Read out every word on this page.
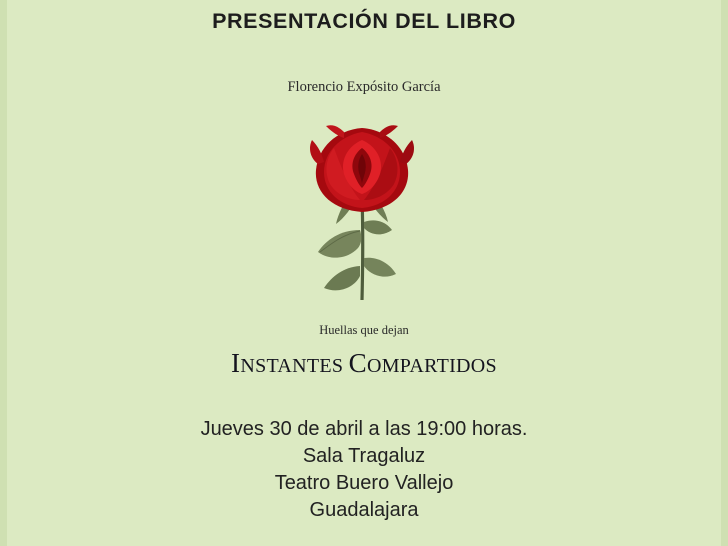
PRESENTACIÓN DEL LIBRO
Florencio Expósito García
Huellas que dejan
INSTANTES COMPARTIDOS
Jueves 30 de abril a las 19:00 horas.
Sala Tragaluz
Teatro Buero Vallejo
Guadalajara
